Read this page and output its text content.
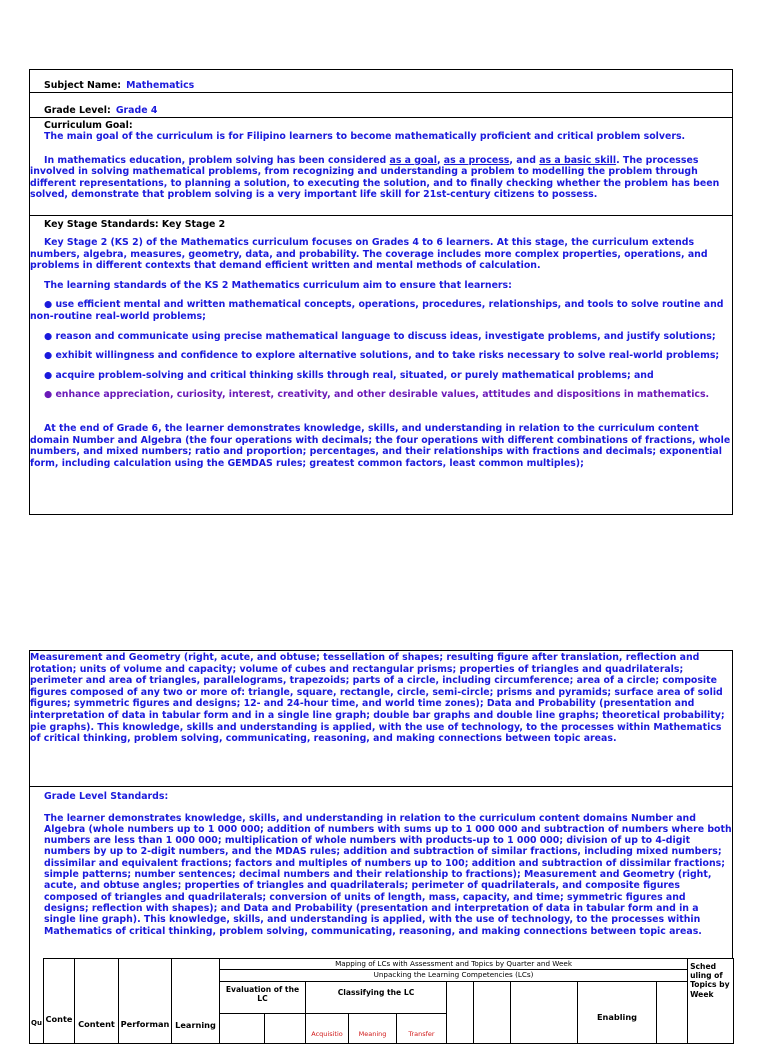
Subject Name: Mathematics
Grade Level: Grade 4
Curriculum Goal:

The main goal of the curriculum is for Filipino learners to become mathematically proficient and critical problem solvers.

In mathematics education, problem solving has been considered as a goal, as a process, and as a basic skill. The processes involved in solving mathematical problems, from recognizing and understanding a problem to modelling the problem through different representations, to planning a solution, to executing the solution, and to finally checking whether the problem has been solved, demonstrate that problem solving is a very important life skill for 21st-century citizens to possess.

Key Stage Standards: Key Stage 2

Key Stage 2 (KS 2) of the Mathematics curriculum focuses on Grades 4 to 6 learners. At this stage, the curriculum extends numbers, algebra, measures, geometry, data, and probability. The coverage includes more complex properties, operations, and problems in different contexts that demand efficient written and mental methods of calculation.

The learning standards of the KS 2 Mathematics curriculum aim to ensure that learners:

● use efficient mental and written mathematical concepts, operations, procedures, relationships, and tools to solve routine and non-routine real-world problems;

● reason and communicate using precise mathematical language to discuss ideas, investigate problems, and justify solutions;

● exhibit willingness and confidence to explore alternative solutions, and to take risks necessary to solve real-world problems;

● acquire problem-solving and critical thinking skills through real, situated, or purely mathematical problems; and

● enhance appreciation, curiosity, interest, creativity, and other desirable values, attitudes and dispositions in mathematics.

At the end of Grade 6, the learner demonstrates knowledge, skills, and understanding in relation to the curriculum content domain Number and Algebra (the four operations with decimals; the four operations with different combinations of fractions, whole numbers, and mixed numbers; ratio and proportion; percentages, and their relationships with fractions and decimals; exponential form, including calculation using the GEMDAS rules; greatest common factors, least common multiples);

Measurement and Geometry (right, acute, and obtuse; tessellation of shapes; resulting figure after translation, reflection and rotation; units of volume and capacity; volume of cubes and rectangular prisms; properties of triangles and quadrilaterals; perimeter and area of triangles, parallelograms, trapezoids; parts of a circle, including circumference; area of a circle; composite figures composed of any two or more of: triangle, square, rectangle, circle, semi-circle; prisms and pyramids; surface area of solid figures; symmetric figures and designs; 12- and 24-hour time, and world time zones); Data and Probability (presentation and interpretation of data in tabular form and in a single line graph; double bar graphs and double line graphs; theoretical probability; pie graphs). This knowledge, skills and understanding is applied, with the use of technology, to the processes within Mathematics of critical thinking, problem solving, communicating, reasoning, and making connections between topic areas.

Grade Level Standards:

The learner demonstrates knowledge, skills, and understanding in relation to the curriculum content domains Number and Algebra (whole numbers up to 1 000 000; addition of numbers with sums up to 1 000 000 and subtraction of numbers where both numbers are less than 1 000 000; multiplication of whole numbers with products-up to 1 000 000; division of up to 4-digit numbers by up to 2-digit numbers, and the MDAS rules; addition and subtraction of similar fractions, including mixed numbers; dissimilar and equivalent fractions; factors and multiples of numbers up to 100; addition and subtraction of dissimilar fractions; simple patterns; number sentences; decimal numbers and their relationship to fractions); Measurement and Geometry (right, acute, and obtuse angles; properties of triangles and quadrilaterals; perimeter of quadrilaterals, and composite figures composed of triangles and quadrilaterals; conversion of units of length, mass, capacity, and time; symmetric figures and designs; reflection with shapes); and Data and Probability (presentation and interpretation of data in tabular form and in a single line graph). This knowledge, skills, and understanding is applied, with the use of technology, to the processes within Mathematics of critical thinking, problem solving, communicating, reasoning, and making connections between topic areas.

Qu	Conte	Content	Performan	Learning	Mapping of LCs with Assessment and Topics by Quarter and Week										Sched uling of Topics by Week

					Unpacking the Learning Competencies (LCs)										
					Evaluation of the LC		Classifying the LC						Enabling		

							Acquisitio	Meaning	Transfer						
